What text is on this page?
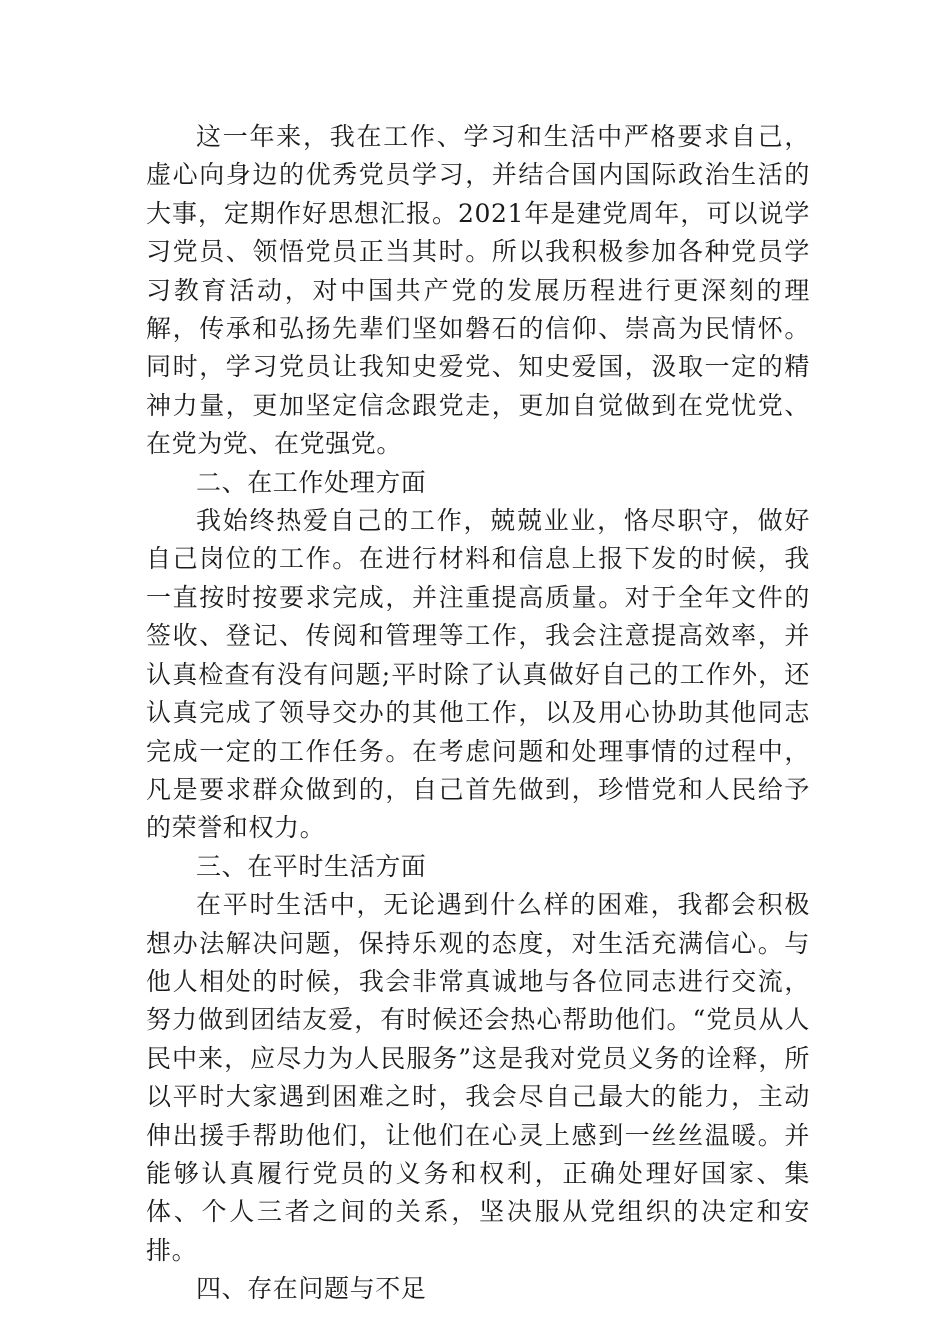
这一年来，我在工作、学习和生活中严格要求自己，虚心向身边的优秀党员学习，并结合国内国际政治生活的大事，定期作好思想汇报。2021年是建党周年，可以说学习党员、领悟党员正当其时。所以我积极参加各种党员学习教育活动，对中国共产党的发展历程进行更深刻的理解，传承和弘扬先辈们坚如磐石的信仰、崇高为民情怀。同时，学习党员让我知史爱党、知史爱国，汲取一定的精神力量，更加坚定信念跟党走，更加自觉做到在党忧党、在党为党、在党强党。

二、在工作处理方面

我始终热爱自己的工作，兢兢业业，恪尽职守，做好自己岗位的工作。在进行材料和信息上报下发的时候，我一直按时按要求完成，并注重提高质量。对于全年文件的签收、登记、传阅和管理等工作，我会注意提高效率，并认真检查有没有问题;平时除了认真做好自己的工作外，还认真完成了领导交办的其他工作，以及用心协助其他同志完成一定的工作任务。在考虑问题和处理事情的过程中，凡是要求群众做到的，自己首先做到，珍惜党和人民给予的荣誉和权力。

三、在平时生活方面

在平时生活中，无论遇到什么样的困难，我都会积极想办法解决问题，保持乐观的态度，对生活充满信心。与他人相处的时候，我会非常真诚地与各位同志进行交流，努力做到团结友爱，有时候还会热心帮助他们。“党员从人民中来，应尽力为人民服务”这是我对党员义务的诠释，所以平时大家遇到困难之时，我会尽自己最大的能力，主动伸出援手帮助他们，让他们在心灵上感到一丝丝温暖。并能够认真履行党员的义务和权利，正确处理好国家、集体、个人三者之间的关系，坚决服从党组织的决定和安排。

四、存在问题与不足
